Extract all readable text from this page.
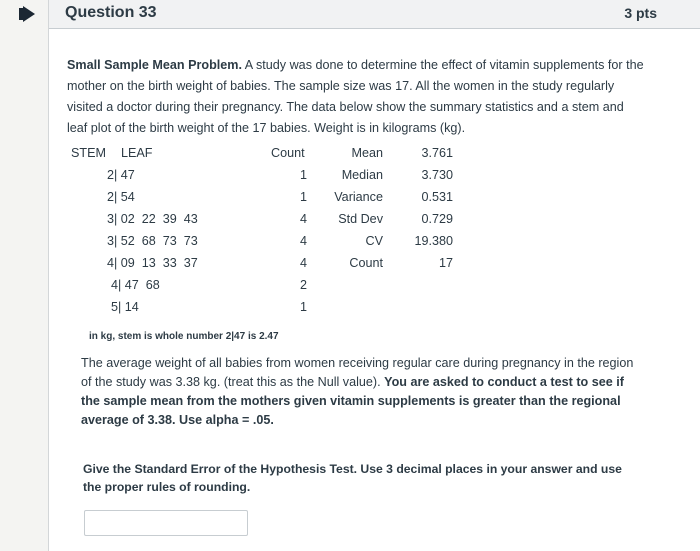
Question 33	3 pts
Small Sample Mean Problem. A study was done to determine the effect of vitamin supplements for the mother on the birth weight of babies. The sample size was 17. All the women in the study regularly visited a doctor during their pregnancy. The data below show the summary statistics and a stem and leaf plot of the birth weight of the 17 babies. Weight is in kilograms (kg).
STEM LEAF	Count
2| 47	1
2| 54	1
3| 02  22  39  43	4
3| 52  68  73  73	4
4| 09  13  33  37	4
4| 47  68	2
5| 14	1
Mean	3.761
Median	3.730
Variance	0.531
Std Dev	0.729
CV	19.380
Count	17
in kg, stem is whole number 2|47 is 2.47
The average weight of all babies from women receiving regular care during pregnancy in the region of the study was 3.38 kg. (treat this as the Null value). You are asked to conduct a test to see if the sample mean from the mothers given vitamin supplements is greater than the regional average of 3.38. Use alpha = .05.
Give the Standard Error of the Hypothesis Test. Use 3 decimal places in your answer and use the proper rules of rounding.
